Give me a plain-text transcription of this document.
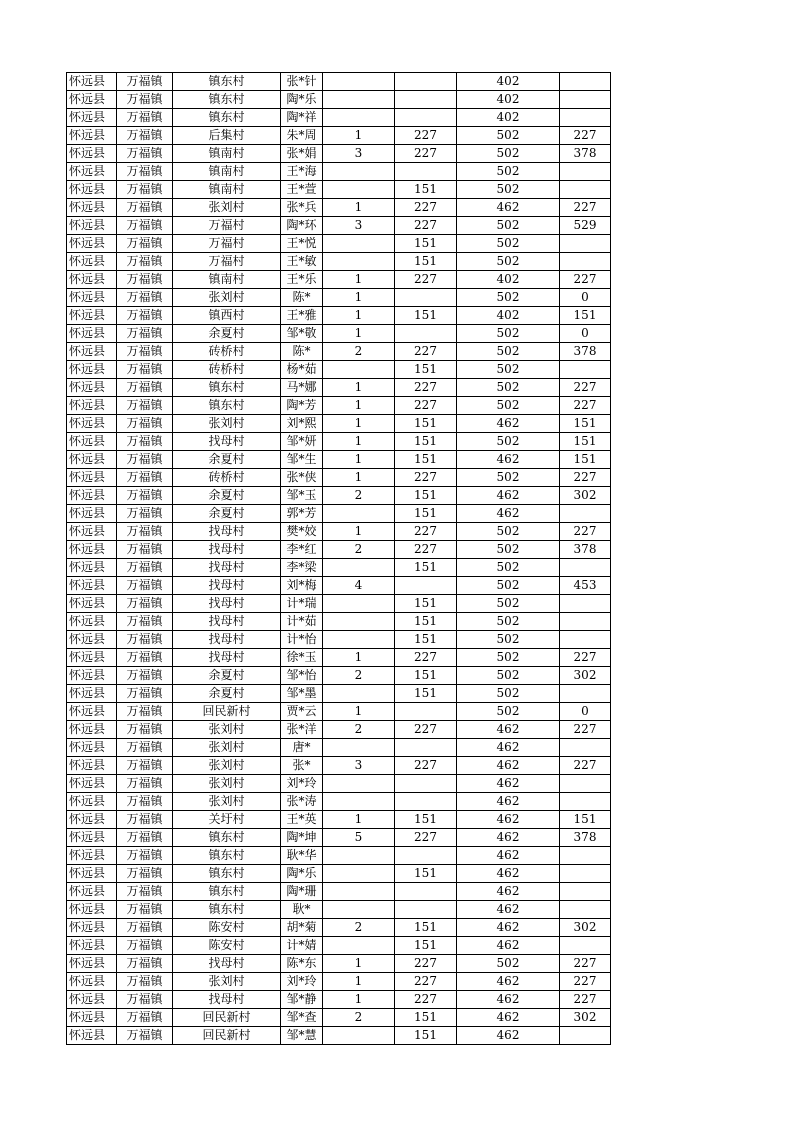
怀远县	万福镇	镇东村	张*针			402	
怀远县	万福镇	镇东村	陶*乐			402	
怀远县	万福镇	镇东村	陶*祥			402	
怀远县	万福镇	后集村	朱*周	1	227	502	227
怀远县	万福镇	镇南村	张*娟	3	227	502	378
怀远县	万福镇	镇南村	王*海			502	
怀远县	万福镇	镇南村	王*萱		151	502	
怀远县	万福镇	张刘村	张*兵	1	227	462	227
怀远县	万福镇	万福村	陶*环	3	227	502	529
怀远县	万福镇	万福村	王*悦		151	502	
怀远县	万福镇	万福村	王*敏		151	502	
怀远县	万福镇	镇南村	王*乐	1	227	402	227
怀远县	万福镇	张刘村	陈*	1		502	0
怀远县	万福镇	镇西村	王*雅	1	151	402	151
怀远县	万福镇	余夏村	邹*敬	1		502	0
怀远县	万福镇	砖桥村	陈*	2	227	502	378
怀远县	万福镇	砖桥村	杨*茹		151	502	
怀远县	万福镇	镇东村	马*娜	1	227	502	227
怀远县	万福镇	镇东村	陶*芳	1	227	502	227
怀远县	万福镇	张刘村	刘*熙	1	151	462	151
怀远县	万福镇	找母村	邹*妍	1	151	502	151
怀远县	万福镇	余夏村	邹*生	1	151	462	151
怀远县	万福镇	砖桥村	张*侠	1	227	502	227
怀远县	万福镇	余夏村	邹*玉	2	151	462	302
怀远县	万福镇	余夏村	郭*芳		151	462	
怀远县	万福镇	找母村	樊*姣	1	227	502	227
怀远县	万福镇	找母村	李*红	2	227	502	378
怀远县	万福镇	找母村	李*梁		151	502	
怀远县	万福镇	找母村	刘*梅	4		502	453
怀远县	万福镇	找母村	计*瑞		151	502	
怀远县	万福镇	找母村	计*茹		151	502	
怀远县	万福镇	找母村	计*怡		151	502	
怀远县	万福镇	找母村	徐*玉	1	227	502	227
怀远县	万福镇	余夏村	邹*怡	2	151	502	302
怀远县	万福镇	余夏村	邹*墨		151	502	
怀远县	万福镇	回民新村	贾*云	1		502	0
怀远县	万福镇	张刘村	张*洋	2	227	462	227
怀远县	万福镇	张刘村	唐*			462	
怀远县	万福镇	张刘村	张*	3	227	462	227
怀远县	万福镇	张刘村	刘*玲			462	
怀远县	万福镇	张刘村	张*涛			462	
怀远县	万福镇	关圩村	王*英	1	151	462	151
怀远县	万福镇	镇东村	陶*坤	5	227	462	378
怀远县	万福镇	镇东村	耿*华			462	
怀远县	万福镇	镇东村	陶*乐		151	462	
怀远县	万福镇	镇东村	陶*珊			462	
怀远县	万福镇	镇东村	耿*			462	
怀远县	万福镇	陈安村	胡*菊	2	151	462	302
怀远县	万福镇	陈安村	计*婧		151	462	
怀远县	万福镇	找母村	陈*东	1	227	502	227
怀远县	万福镇	张刘村	刘*玲	1	227	462	227
怀远县	万福镇	找母村	邹*静	1	227	462	227
怀远县	万福镇	回民新村	邹*查	2	151	462	302
怀远县	万福镇	回民新村	邹*慧		151	462	
